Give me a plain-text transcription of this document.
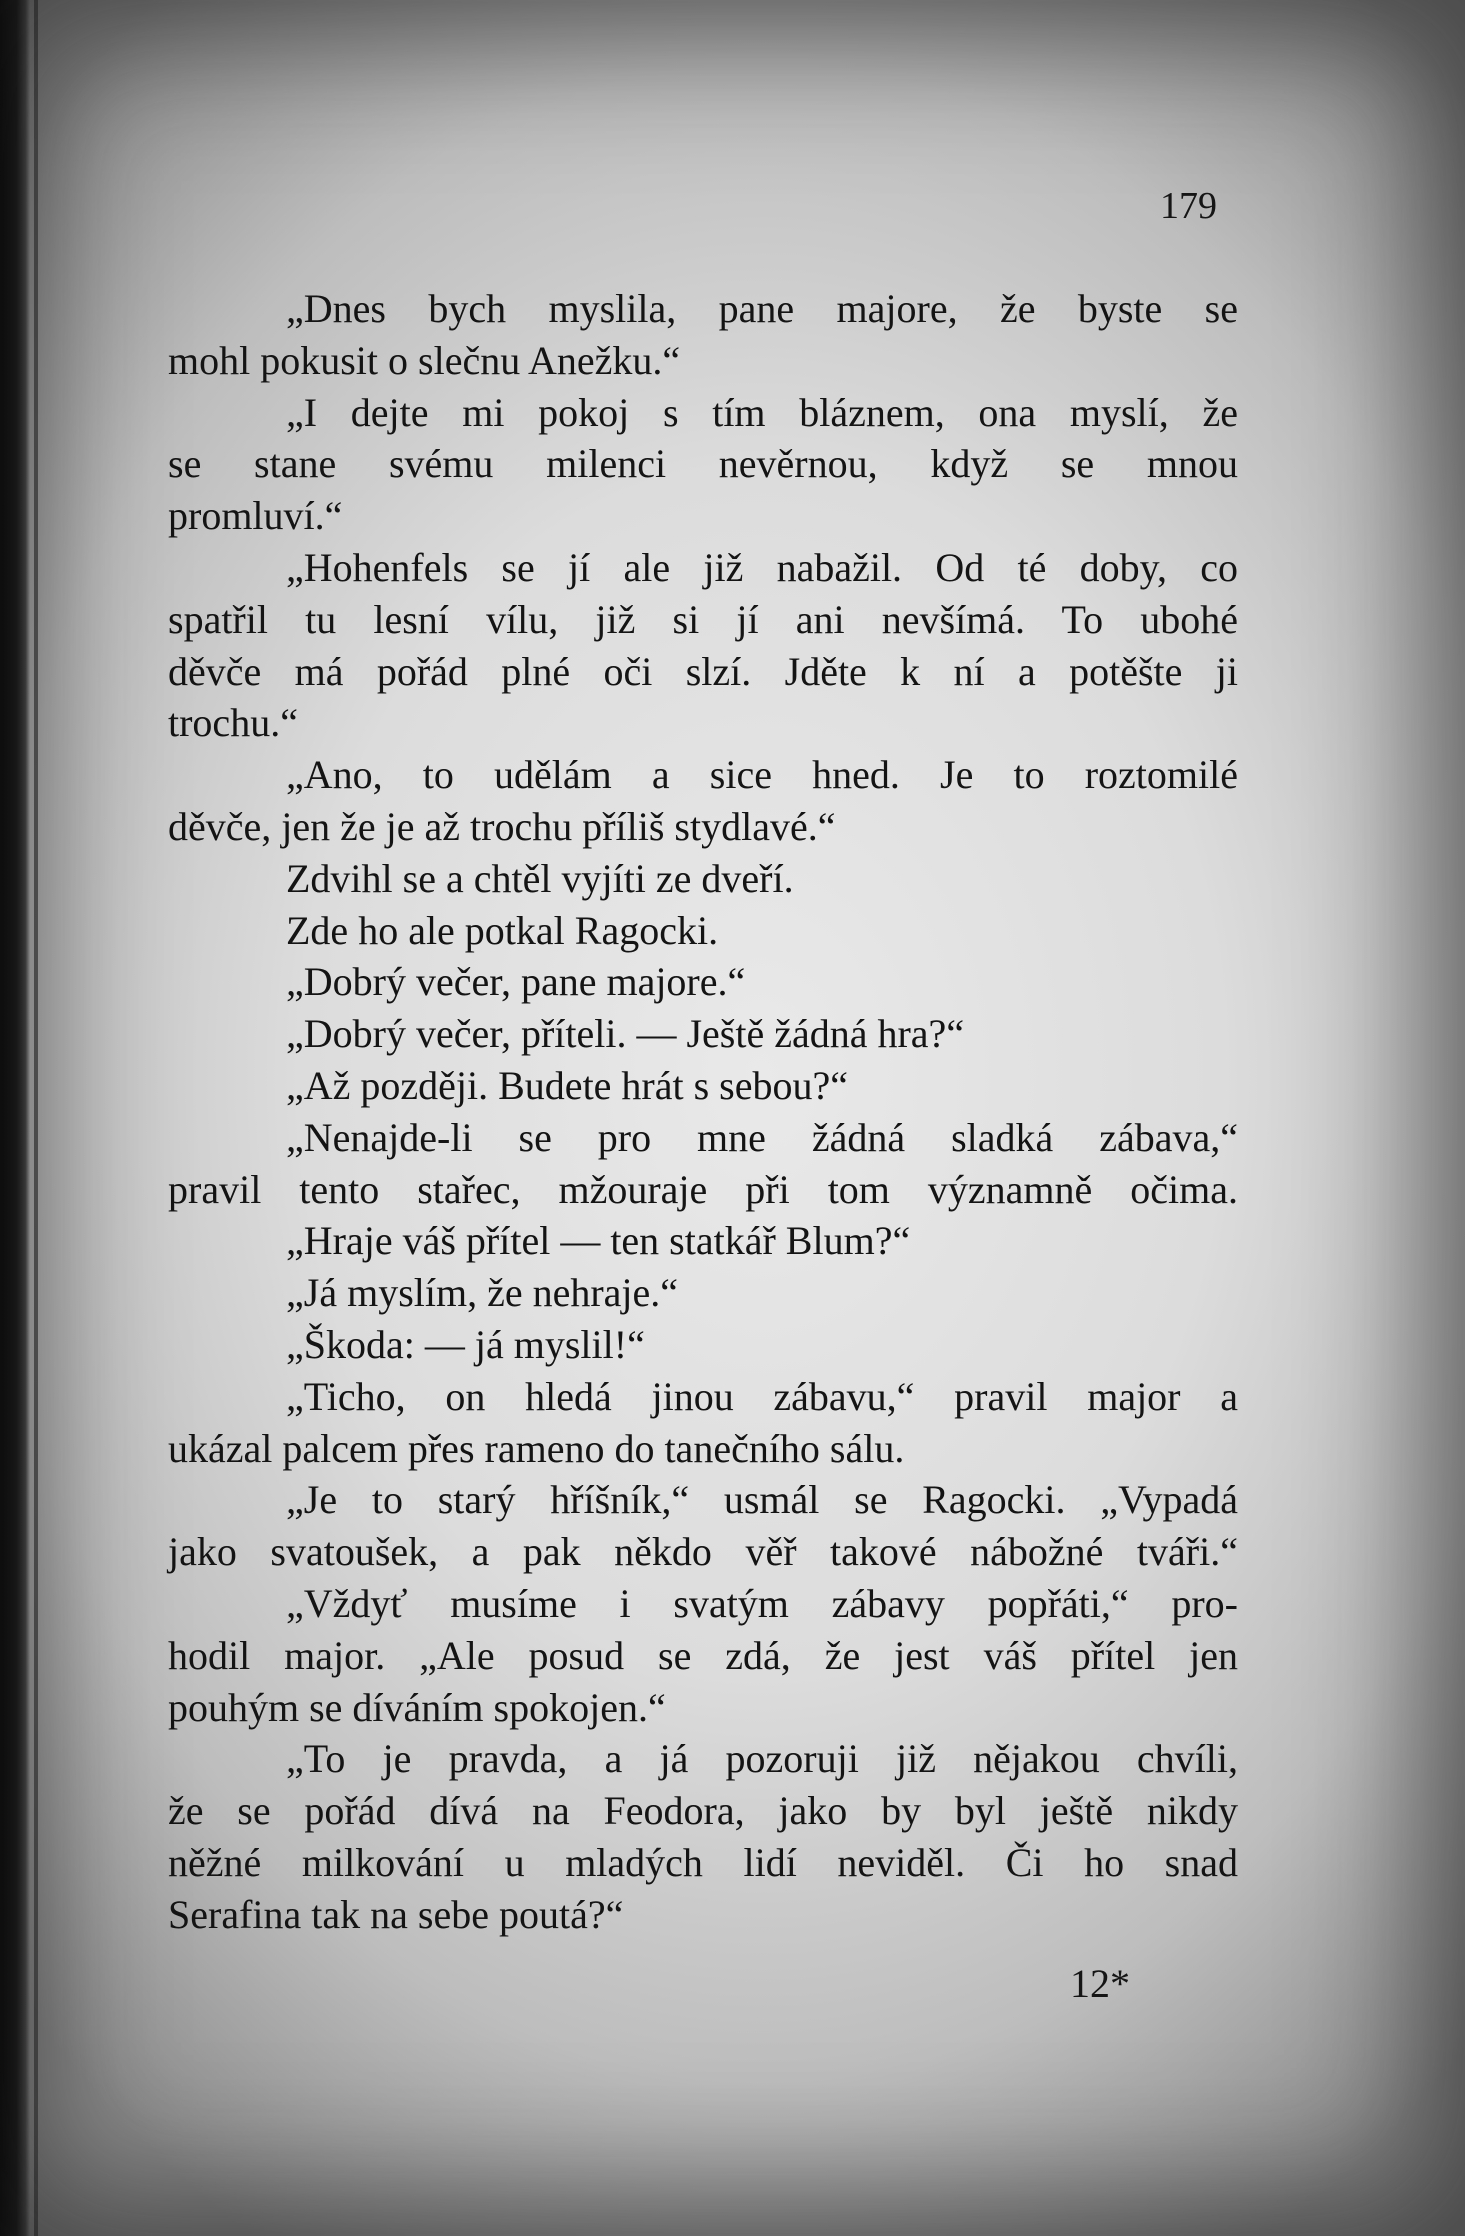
179
„Dnes bych myslila, pane majore, že byste se
mohl pokusit o slečnu Anežku.“
„I dejte mi pokoj s tím bláznem, ona myslí, že
se stane svému milenci nevěrnou, když se mnou
promluví.“
„Hohenfels se jí ale již nabažil. Od té doby, co
spatřil tu lesní vílu, již si jí ani nevšímá. To ubohé
děvče má pořád plné oči slzí. Jděte k ní a potěšte ji
trochu.“
„Ano, to udělám a sice hned. Je to roztomilé
děvče, jen že je až trochu příliš stydlavé.“
Zdvihl se a chtěl vyjíti ze dveří.
Zde ho ale potkal Ragocki.
„Dobrý večer, pane majore.“
„Dobrý večer, příteli. — Ještě žádná hra?“
„Až později. Budete hrát s sebou?“
„Nenajde-li se pro mne žádná sladká zábava,“
pravil tento stařec, mžouraje při tom významně očima.
„Hraje váš přítel — ten statkář Blum?“
„Já myslím, že nehraje.“
„Škoda: — já myslil!“
„Ticho, on hledá jinou zábavu,“ pravil major a
ukázal palcem přes rameno do tanečního sálu.
„Je to starý hříšník,“ usmál se Ragocki. „Vypadá
jako svatoušek, a pak někdo věř takové nábožné tváři.“
„Vždyť musíme i svatým zábavy popřáti,“ pro-
hodil major. „Ale posud se zdá, že jest váš přítel jen
pouhým se díváním spokojen.“
„To je pravda, a já pozoruji již nějakou chvíli,
že se pořád dívá na Feodora, jako by byl ještě nikdy
něžné milkování u mladých lidí neviděl. Či ho snad
Serafina tak na sebe poutá?“
12*
